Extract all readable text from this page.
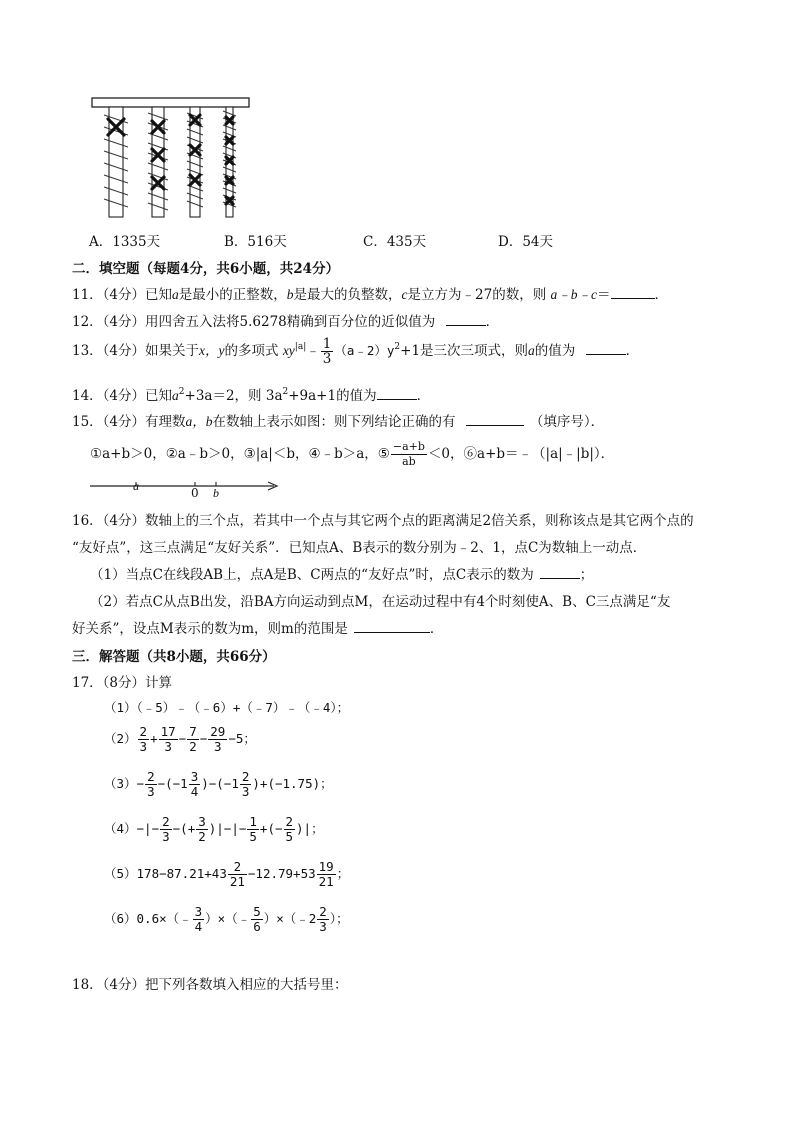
A．1335天	B．516天	C．435天	D．54天
二．填空题（每题4分，共6小题，共24分）
11．（4分）已知a是最小的正整数，b是最大的负整数，c是立方为﹣27的数，则 a﹣b﹣c＝	．
12．（4分）用四舍五入法将5.6278精确到百分位的近似值为	．
13．（4分）如果关于x，y的多项式 $xy^{|a|}﹣ \frac{1}{3}$ $(a﹣2)y^2+1$是三次三项式，则a的值为	．
14．（4分）已知$a^2+3a=2$，则 $3a^2+9a+1$的值为	．
15．（4分）有理数a，b在数轴上表示如图：则下列结论正确的有	（填序号）．
①a+b＞0，②a﹣b＞0，③|a|＜b，④﹣b＞a，⑤ $\frac{-a+b}{ab} <0$，⑥a+b＝﹣（|a|﹣|b|）．
a	0 b
16．（4分）数轴上的三个点，若其中一个点与其它两个点的距离满足2倍关系，则称该点是其它两个点的
“友好点”，这三点满足“友好关系”．已知点A、B表示的数分别为﹣2、1，点C为数轴上一动点．
（1）当点C在线段AB上，点A是B、C两点的“友好点”时，点C表示的数为	；
（2）若点C从点B出发，沿BA方向运动到点M，在运动过程中有4个时刻使A、B、C三点满足“友
好关系”，设点M表示的数为m，则m的范围是	．
三．解答题（共8小题，共66分）
17．（8分）计算
（1）（﹣5）﹣（﹣6）+（﹣7）﹣（﹣4）；
$(2) \frac{2}{3} + \frac{17}{3} - \frac{7}{2} - \frac{29}{3} -5$；
$(3)- \frac{2}{3} -(-1 \frac{3}{4} )-(-1 \frac{2}{3} )+(-1.75)$；
$(4)-|- \frac{2}{3}$ −(+ $\frac{3}{2}$ )|−|− $\frac{1}{5}$ +(− $\frac{2}{5}$ )|；
$(5)178-87.21+43 \frac{2}{21} -12.79+53 \frac{19}{21}$ ；
（6）0.6×（﹣ $\frac{3}{4}$ ）×（﹣ $\frac{5}{6}$ ）×（﹣2 $\frac{2}{3}$ ）；
18．（4分）把下列各数填入相应的大括号里：
